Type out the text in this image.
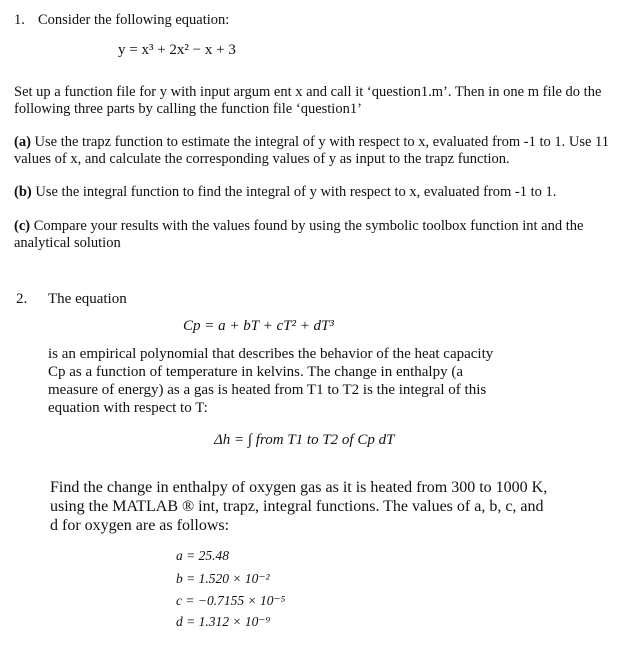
1. Consider the following equation:
y = x³ + 2x² − x + 3
Set up a function file for y with input argum ent x and call it ‘question1.m’. Then in one m file do the
following three parts by calling the function file ‘question1’
(a) Use the trapz function to estimate the integral of y with respect to x, evaluated from -1 to 1. Use 11
values of x, and calculate the corresponding values of y as input to the trapz function.
(b) Use the integral function to find the integral of y with respect to x, evaluated from -1 to 1.
(c) Compare your results with the values found by using the symbolic toolbox function int and the
analytical solution
2. The equation
Cp = a + bT + cT² + dT³
is an empirical polynomial that describes the behavior of the heat capacity
Cp as a function of temperature in kelvins. The change in enthalpy (a
measure of energy) as a gas is heated from T1 to T2 is the integral of this
equation with respect to T:
Δh = ∫ from T1 to T2 of Cp dT
Find the change in enthalpy of oxygen gas as it is heated from 300 to 1000 K,
using the MATLAB ® int, trapz, integral functions. The values of a, b, c, and
d for oxygen are as follows:
a = 25.48
b = 1.520 × 10⁻²
c = −0.7155 × 10⁻⁵
d = 1.312 × 10⁻⁹
